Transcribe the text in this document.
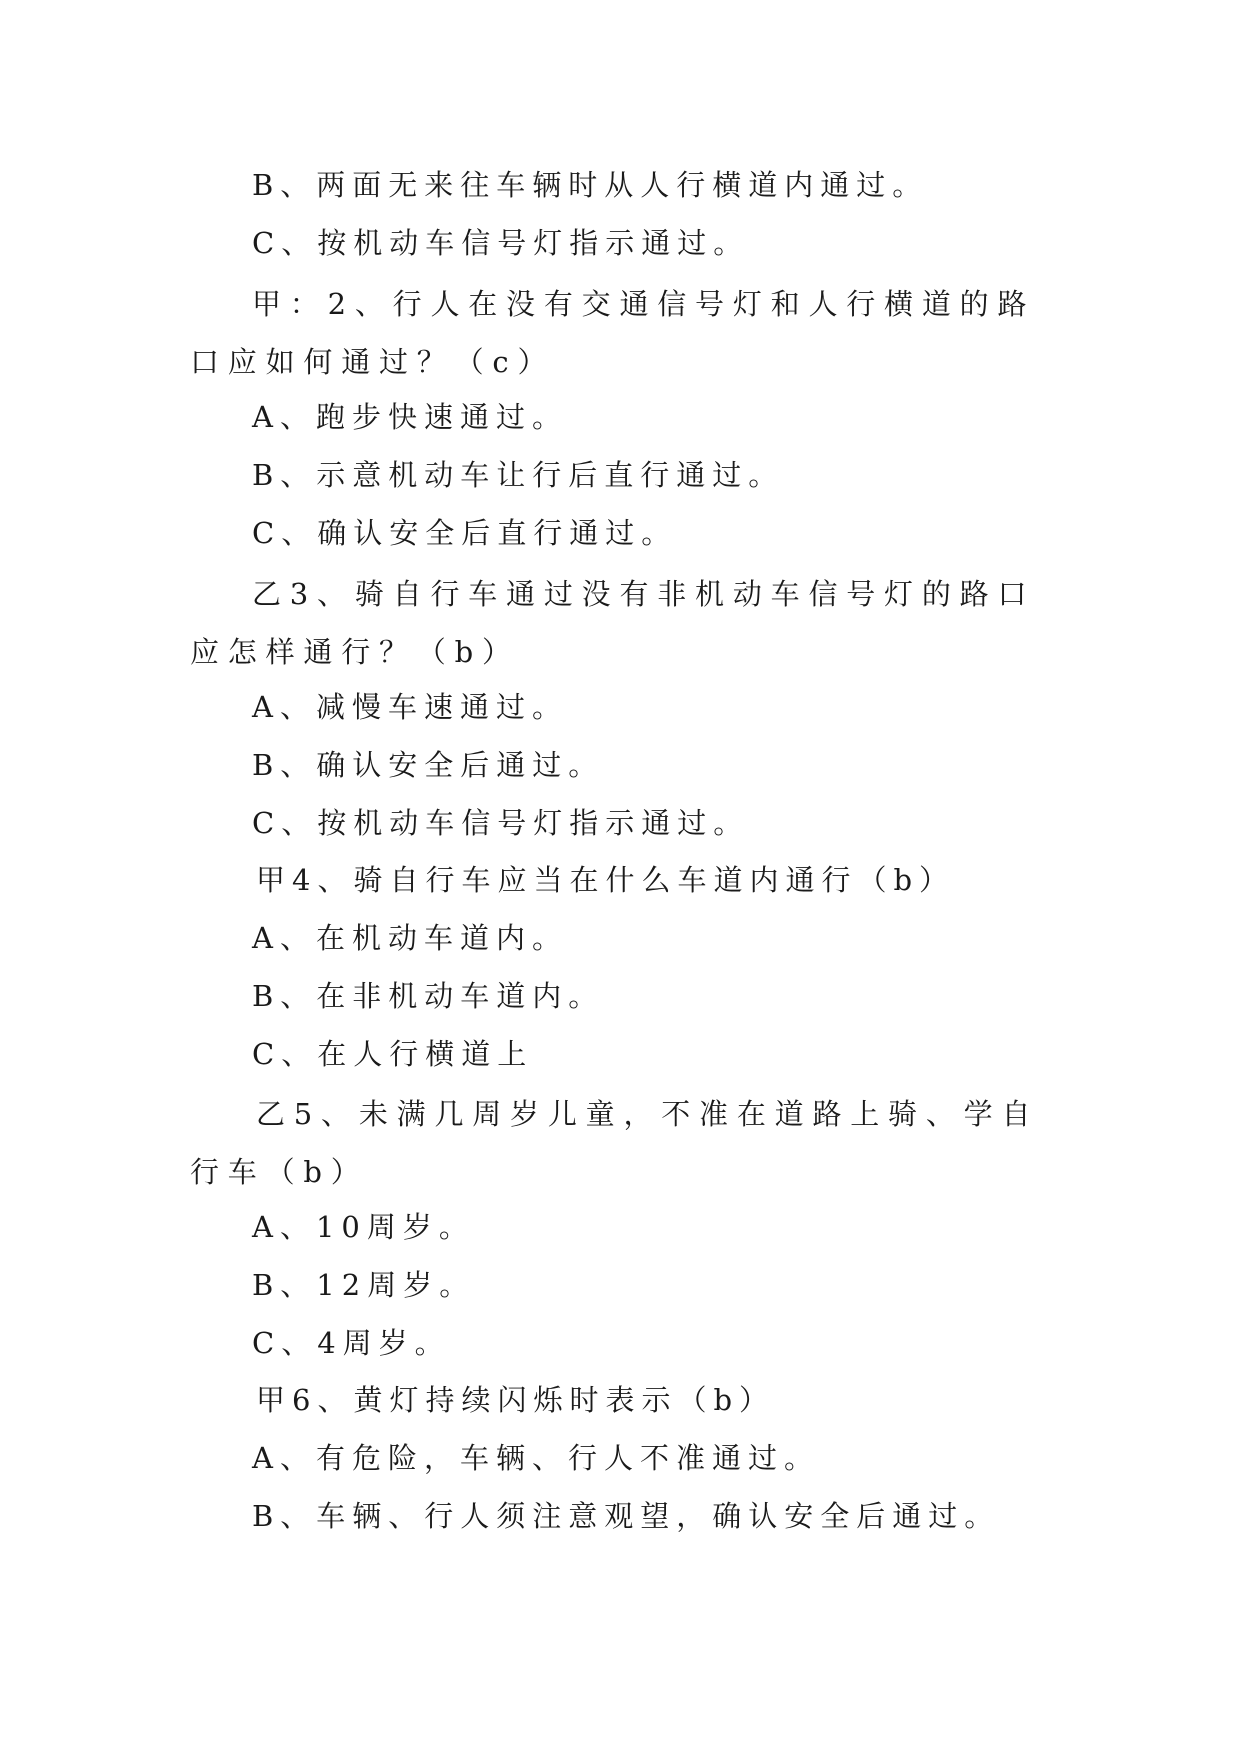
B、两面无来往车辆时从人行横道内通过。

C、按机动车信号灯指示通过。

甲：2、行人在没有交通信号灯和人行横道的路口应如何通过？（c）

A、跑步快速通过。

B、示意机动车让行后直行通过。

C、确认安全后直行通过。

乙3、骑自行车通过没有非机动车信号灯的路口应怎样通行？（b）

A、减慢车速通过。

B、确认安全后通过。

C、按机动车信号灯指示通过。

甲4、骑自行车应当在什么车道内通行（b）

A、在机动车道内。

B、在非机动车道内。

C、在人行横道上

乙5、未满几周岁儿童，不准在道路上骑、学自行车（b）

A、10周岁。

B、12周岁。

C、4周岁。

甲6、黄灯持续闪烁时表示（b）

A、有危险，车辆、行人不准通过。

B、车辆、行人须注意观望，确认安全后通过。
